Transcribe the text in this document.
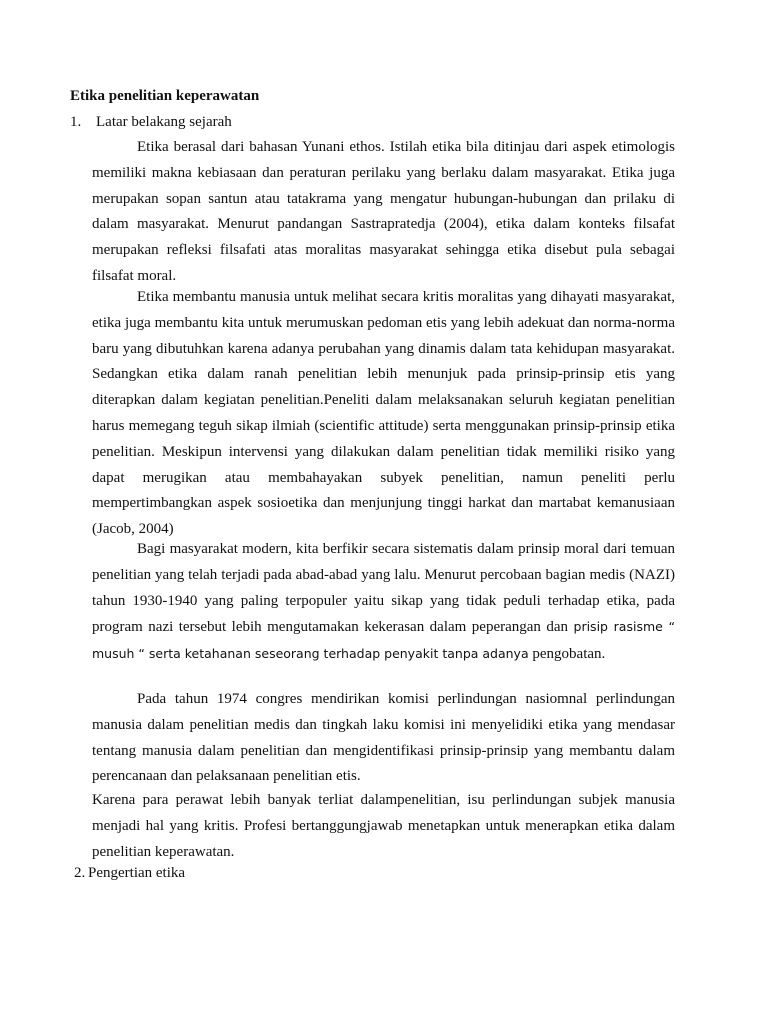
Etika penelitian keperawatan

1. Latar belakang sejarah

Etika berasal dari bahasan Yunani ethos. Istilah etika bila ditinjau dari aspek etimologis memiliki makna kebiasaan dan peraturan perilaku yang berlaku dalam masyarakat. Etika juga merupakan sopan santun atau tatakrama yang mengatur hubungan-hubungan dan prilaku di dalam masyarakat. Menurut pandangan Sastrapratedja (2004), etika dalam konteks filsafat merupakan refleksi filsafati atas moralitas masyarakat sehingga etika disebut pula sebagai filsafat moral.

Etika membantu manusia untuk melihat secara kritis moralitas yang dihayati masyarakat, etika juga membantu kita untuk merumuskan pedoman etis yang lebih adekuat dan norma-norma baru yang dibutuhkan karena adanya perubahan yang dinamis dalam tata kehidupan masyarakat. Sedangkan etika dalam ranah penelitian lebih menunjuk pada prinsip-prinsip etis yang diterapkan dalam kegiatan penelitian.Peneliti dalam melaksanakan seluruh kegiatan penelitian harus memegang teguh sikap ilmiah (scientific attitude) serta menggunakan prinsip-prinsip etika penelitian. Meskipun intervensi yang dilakukan dalam penelitian tidak memiliki risiko yang dapat merugikan atau membahayakan subyek penelitian, namun peneliti perlu mempertimbangkan aspek sosioetika dan menjunjung tinggi harkat dan martabat kemanusiaan (Jacob, 2004)

Bagi masyarakat modern, kita berfikir secara sistematis dalam prinsip moral dari temuan penelitian yang telah terjadi pada abad-abad yang lalu. Menurut percobaan bagian medis (NAZI) tahun 1930-1940 yang paling terpopuler yaitu sikap yang tidak peduli terhadap etika, pada program nazi tersebut lebih mengutamakan kekerasan dalam peperangan dan prisip rasisme “ musuh “ serta ketahanan seseorang terhadap penyakit tanpa adanya pengobatan.

Pada tahun 1974 congres mendirikan komisi perlindungan nasiomnal perlindungan manusia dalam penelitian medis dan tingkah laku komisi ini menyelidiki etika yang mendasar tentang manusia dalam penelitian dan mengidentifikasi prinsip-prinsip yang membantu dalam perencanaan dan pelaksanaan penelitian etis.

Karena para perawat lebih banyak terliat dalampenelitian, isu perlindungan subjek manusia menjadi hal yang kritis. Profesi bertanggungjawab menetapkan untuk menerapkan etika dalam penelitian keperawatan.

2. Pengertian etika
